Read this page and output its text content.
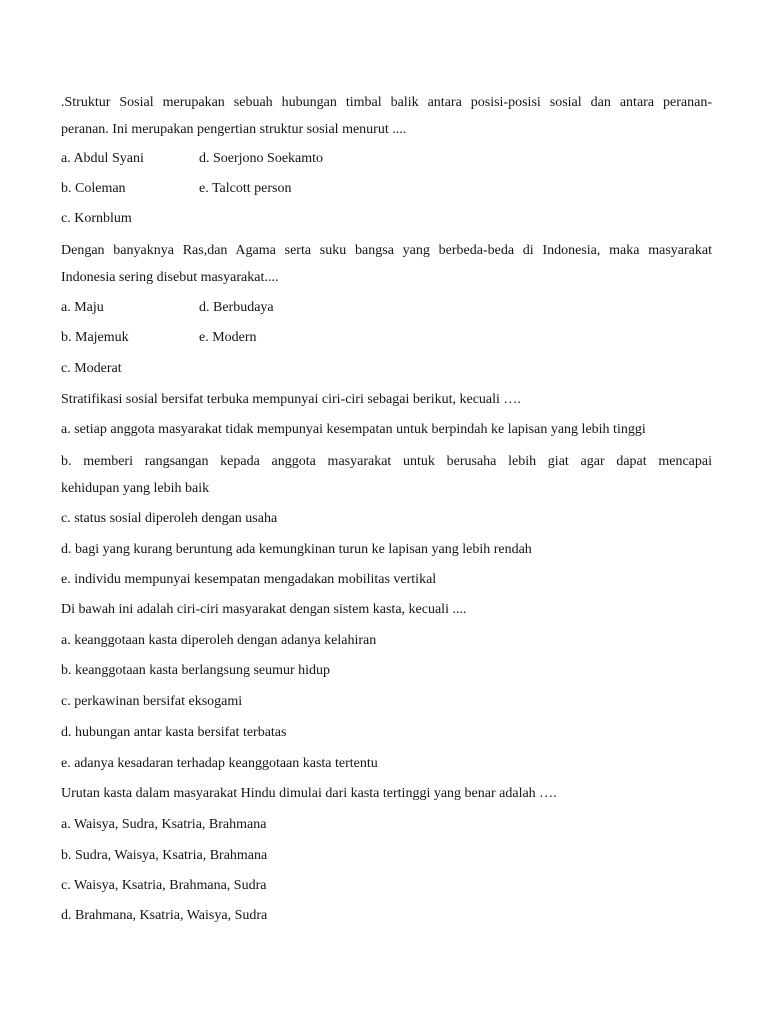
.Struktur Sosial merupakan sebuah hubungan timbal balik antara posisi-posisi sosial dan antara peranan-
peranan. Ini merupakan pengertian struktur sosial menurut ....
a. Abdul Syani	d. Soerjono Soekamto
b. Coleman	e. Talcott person
c. Kornblum
Dengan banyaknya Ras,dan Agama serta suku bangsa yang berbeda-beda di Indonesia, maka masyarakat
Indonesia sering disebut masyarakat....
a. Maju	d. Berbudaya
b. Majemuk	e. Modern
c. Moderat
Stratifikasi sosial bersifat terbuka mempunyai ciri-ciri sebagai berikut, kecuali ….
a. setiap anggota masyarakat tidak mempunyai kesempatan untuk berpindah ke lapisan yang lebih tinggi
b. memberi rangsangan kepada anggota masyarakat untuk berusaha lebih giat agar dapat mencapai
kehidupan yang lebih baik
c. status sosial diperoleh dengan usaha
d. bagi yang kurang beruntung ada kemungkinan turun ke lapisan yang lebih rendah
e. individu mempunyai kesempatan mengadakan mobilitas vertikal
Di bawah ini adalah ciri-ciri masyarakat dengan sistem kasta, kecuali ....
a. keanggotaan kasta diperoleh dengan adanya kelahiran
b. keanggotaan kasta berlangsung seumur hidup
c. perkawinan bersifat eksogami
d. hubungan antar kasta bersifat terbatas
e. adanya kesadaran terhadap keanggotaan kasta tertentu
Urutan kasta dalam masyarakat Hindu dimulai dari kasta tertinggi yang benar adalah ….
a. Waisya, Sudra, Ksatria, Brahmana
b. Sudra, Waisya, Ksatria, Brahmana
c. Waisya, Ksatria, Brahmana, Sudra
d. Brahmana, Ksatria, Waisya, Sudra
